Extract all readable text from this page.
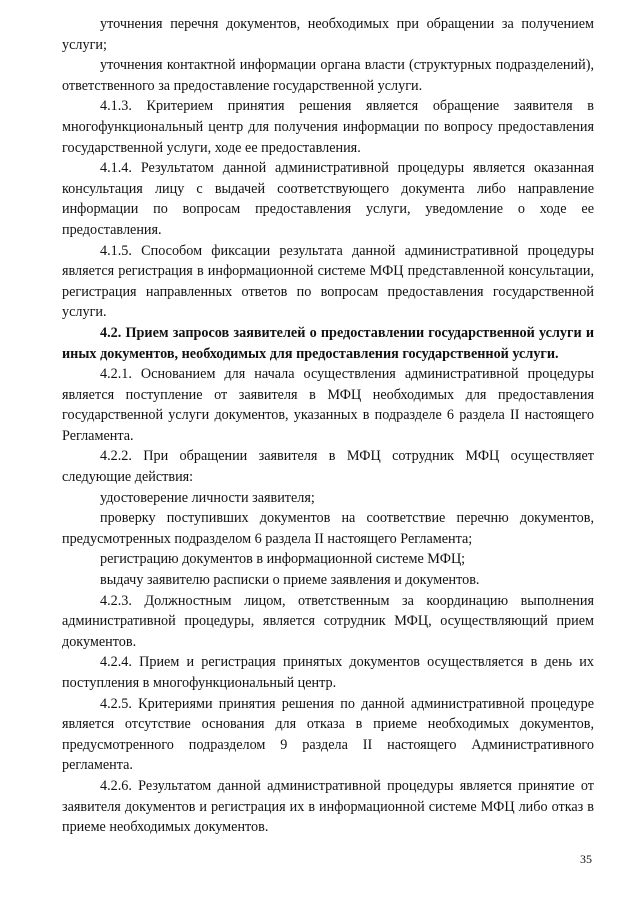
уточнения перечня документов, необходимых при обращении за получением услуги;

уточнения контактной информации органа власти (структурных подразделений), ответственного за предоставление государственной услуги.

4.1.3. Критерием принятия решения является обращение заявителя в многофункциональный центр для получения информации по вопросу предоставления государственной услуги, ходе ее предоставления.

4.1.4. Результатом данной административной процедуры является оказанная консультация лицу с выдачей соответствующего документа либо направление информации по вопросам предоставления услуги, уведомление о ходе ее предоставления.

4.1.5. Способом фиксации результата данной административной процедуры является регистрация в информационной системе МФЦ представленной консультации, регистрация направленных ответов по вопросам предоставления государственной услуги.

4.2. Прием запросов заявителей о предоставлении государственной услуги и иных документов, необходимых для предоставления государственной услуги.

4.2.1. Основанием для начала осуществления административной процедуры является поступление от заявителя в МФЦ необходимых для предоставления государственной услуги документов, указанных в подразделе 6 раздела II настоящего Регламента.

4.2.2. При обращении заявителя в МФЦ сотрудник МФЦ осуществляет следующие действия:

удостоверение личности заявителя;

проверку поступивших документов на соответствие перечню документов, предусмотренных подразделом 6 раздела II настоящего Регламента;

регистрацию документов в информационной системе МФЦ;

выдачу заявителю расписки о приеме заявления и документов.

4.2.3. Должностным лицом, ответственным за координацию выполнения административной процедуры, является сотрудник МФЦ, осуществляющий прием документов.

4.2.4. Прием и регистрация принятых документов осуществляется в день их поступления в многофункциональный центр.

4.2.5. Критериями принятия решения по данной административной процедуре является отсутствие основания для отказа в приеме необходимых документов, предусмотренного подразделом 9 раздела II настоящего Административного регламента.

4.2.6. Результатом данной административной процедуры является принятие от заявителя документов и регистрация их в информационной системе МФЦ либо отказ в приеме необходимых документов.

35
